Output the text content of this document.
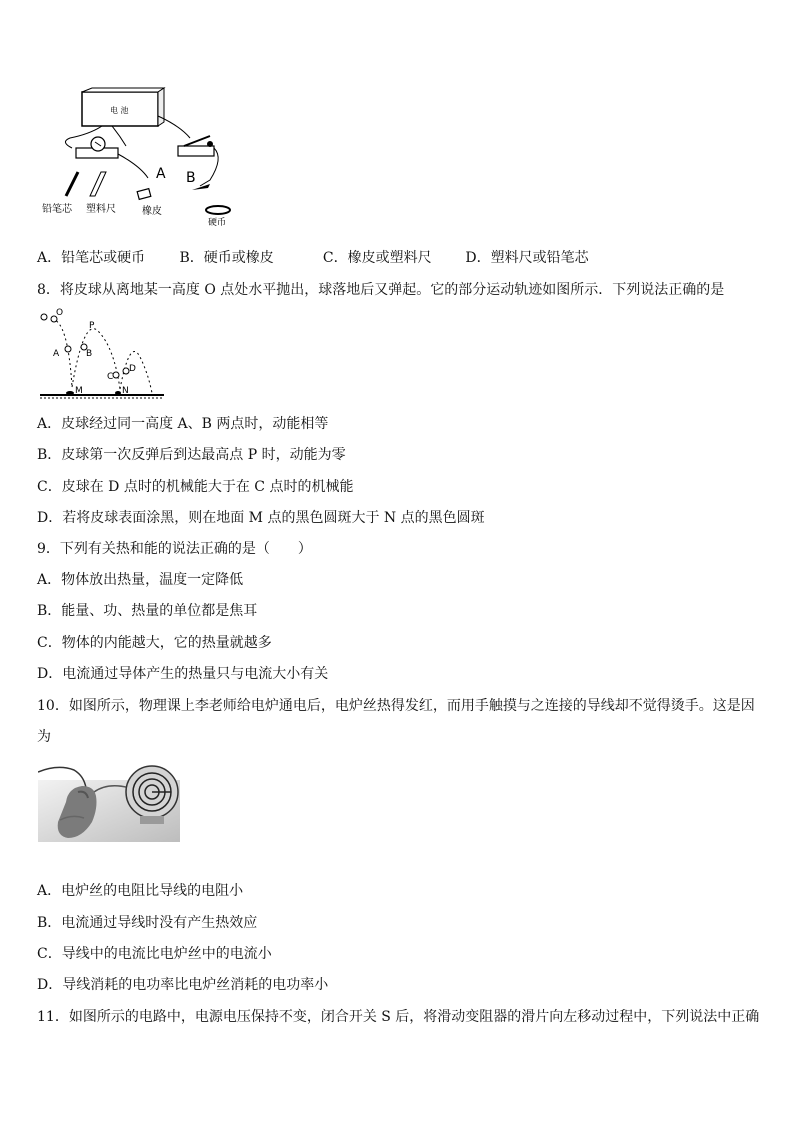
电 池
A B
铅笔芯 塑料尺	橡皮
硬币
A．铅笔芯或硬币 B．硬币或橡皮	C．橡皮或塑料尺 D．塑料尺或铅笔芯
8．将皮球从离地某一高度 O 点处水平抛出，球落地后又弹起。它的部分运动轨迹如图所示．下列说法正确的是
O
P
A	B
C
D
M	N
A．皮球经过同一高度 A、B 两点时，动能相等
B．皮球第一次反弹后到达最高点 P 时，动能为零
C．皮球在 D 点时的机械能大于在 C 点时的机械能
D．若将皮球表面涂黑，则在地面 M 点的黑色圆斑大于 N 点的黑色圆斑
9．下列有关热和能的说法正确的是（　　）
A．物体放出热量，温度一定降低
B．能量、功、热量的单位都是焦耳
C．物体的内能越大，它的热量就越多
D．电流通过导体产生的热量只与电流大小有关
10．如图所示，物理课上李老师给电炉通电后，电炉丝热得发红，而用手触摸与之连接的导线却不觉得烫手。这是因
为
A．电炉丝的电阻比导线的电阻小
B．电流通过导线时没有产生热效应
C．导线中的电流比电炉丝中的电流小
D．导线消耗的电功率比电炉丝消耗的电功率小
11．如图所示的电路中，电源电压保持不变，闭合开关 S 后，将滑动变阻器的滑片向左移动过程中，下列说法中正确
